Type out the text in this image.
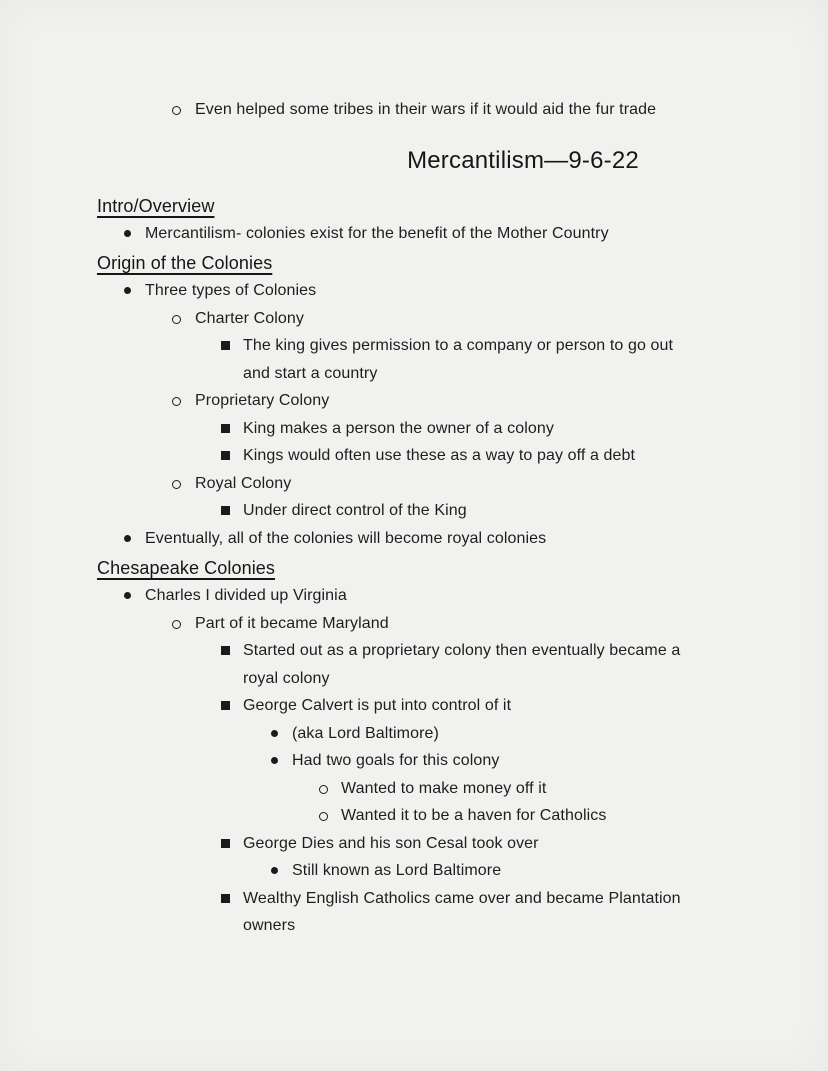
Even helped some tribes in their wars if it would aid the fur trade
Mercantilism—9-6-22
Intro/Overview
Mercantilism- colonies exist for the benefit of the Mother Country
Origin of the Colonies
Three types of Colonies
Charter Colony
The king gives permission to a company or person to go out
and start a country
Proprietary Colony
King makes a person the owner of a colony
Kings would often use these as a way to pay off a debt
Royal Colony
Under direct control of the King
Eventually, all of the colonies will become royal colonies
Chesapeake Colonies
Charles I divided up Virginia
Part of it became Maryland
Started out as a proprietary colony then eventually became a
royal colony
George Calvert is put into control of it
(aka Lord Baltimore)
Had two goals for this colony
Wanted to make money off it
Wanted it to be a haven for Catholics
George Dies and his son Cesal took over
Still known as Lord Baltimore
Wealthy English Catholics came over and became Plantation
owners
